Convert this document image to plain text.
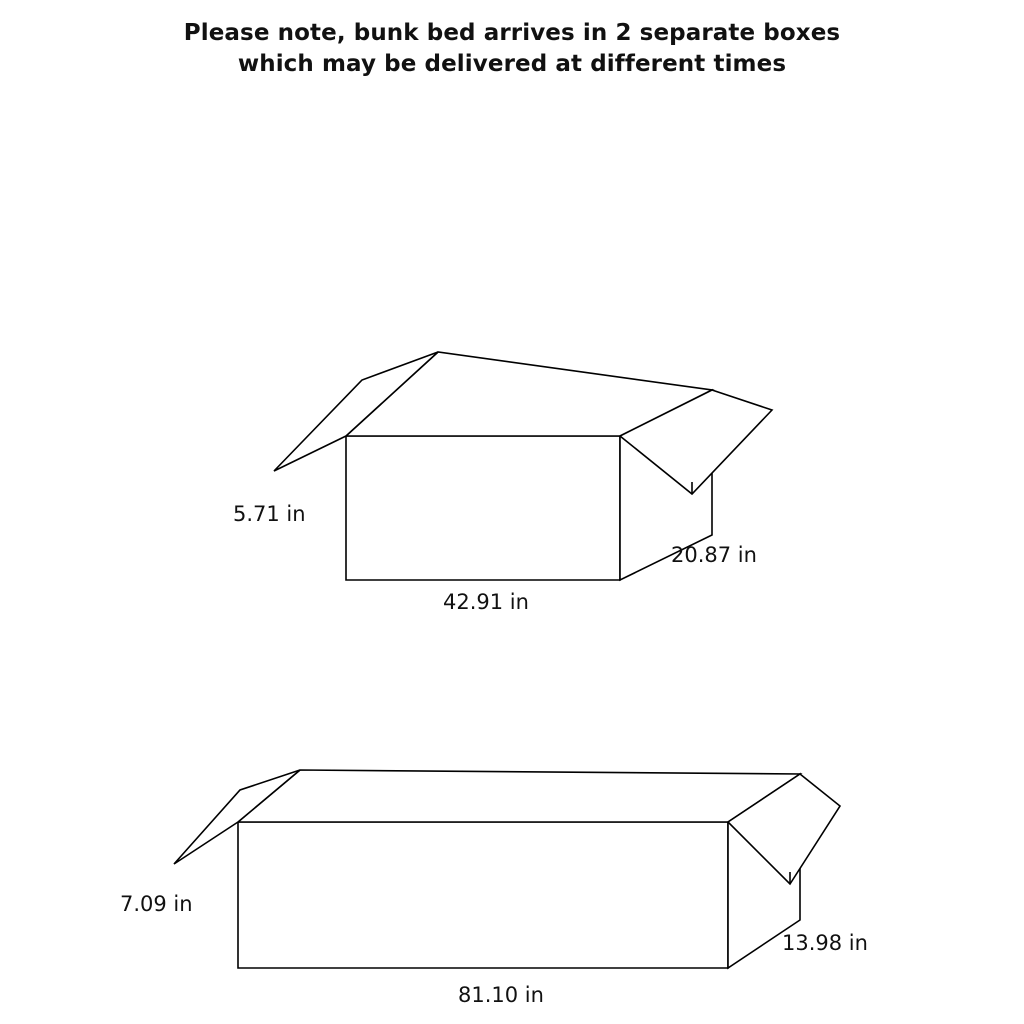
Please note, bunk bed arrives in 2 separate boxes
which may be delivered at different times
5.71 in
20.87 in
42.91 in
7.09 in
13.98 in
81.10 in
